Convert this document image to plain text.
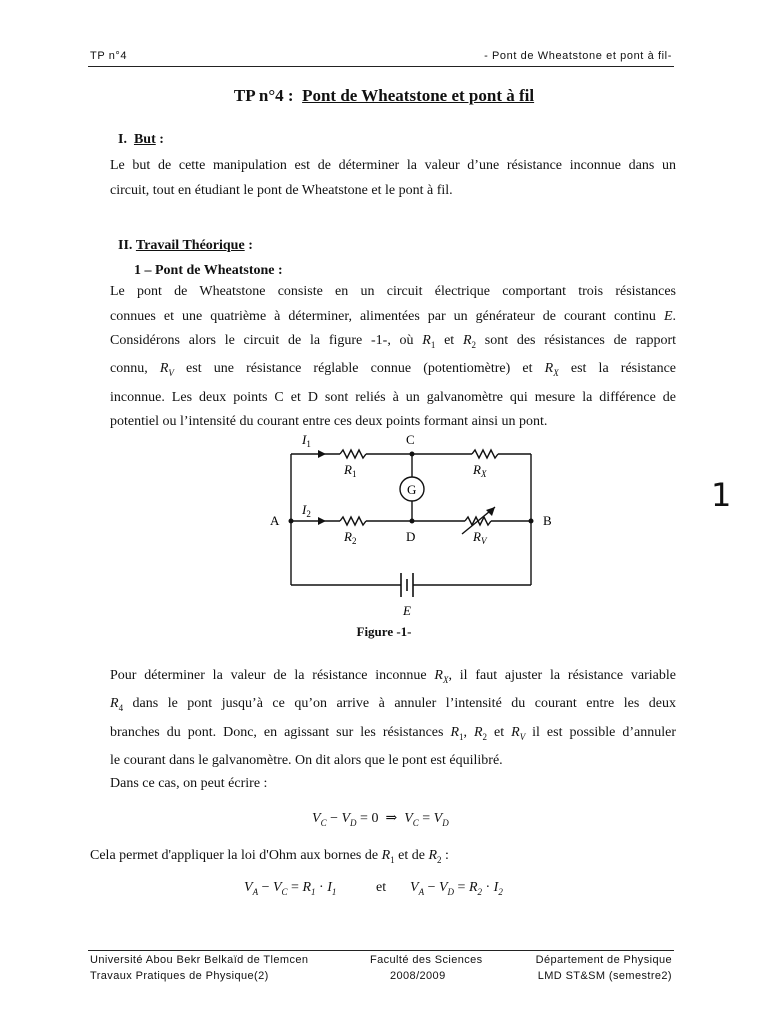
TP n°4	- Pont de Wheatstone et pont à fil-
TP n°4 : Pont de Wheatstone et pont à fil
I. But :
Le but de cette manipulation est de déterminer la valeur d’une résistance inconnue dans un
circuit, tout en étudiant le pont de Wheatstone et le pont à fil.
II. Travail Théorique :
1 – Pont de Wheatstone :
Le pont de Wheatstone consiste en un circuit électrique comportant trois résistances
connues et une quatrième à déterminer, alimentées par un générateur de courant continu E.
Considérons alors le circuit de la figure -1-, où $R_1$ et $R_2$ sont des résistances de rapport
connu, $R_V$ est une résistance réglable connue (potentiomètre) et $R_X$ est la résistance
inconnue. Les deux points C et D sont reliés à un galvanomètre qui mesure la différence de
potentiel ou l’intensité du courant entre ces deux points formant ainsi un pont.
1
$I_1$	C
$R_1$	$R_X$
G
$I_2$
A	B
$R_2$	D	$R_V$
E
Figure -1-
Pour déterminer la valeur de la résistance inconnue $R_X$, il faut ajuster la résistance variable
$R_4$ dans le pont jusqu’à ce qu’on arrive à annuler l’intensité du courant entre les deux
branches du pont. Donc, en agissant sur les résistances $R_1$, $R_2$ et $R_V$ il est possible d’annuler
le courant dans le galvanomètre. On dit alors que le pont est équilibré.
Dans ce cas, on peut écrire :
$V_C - V_D = 0$  ⇒  $V_C = V_D$
Cela permet d'appliquer la loi d'Ohm aux bornes de $R_1$ et de $R_2$ :
$V_A - V_C = R_1 \cdot I_1$	et $V_A - V_D = R_2 \cdot I_2$
Université Abou Bekr Belkaïd de Tlemcen
Travaux Pratiques de Physique(2)
Faculté des Sciences
2008/2009
Département de Physique
LMD ST&SM (semestre2)
